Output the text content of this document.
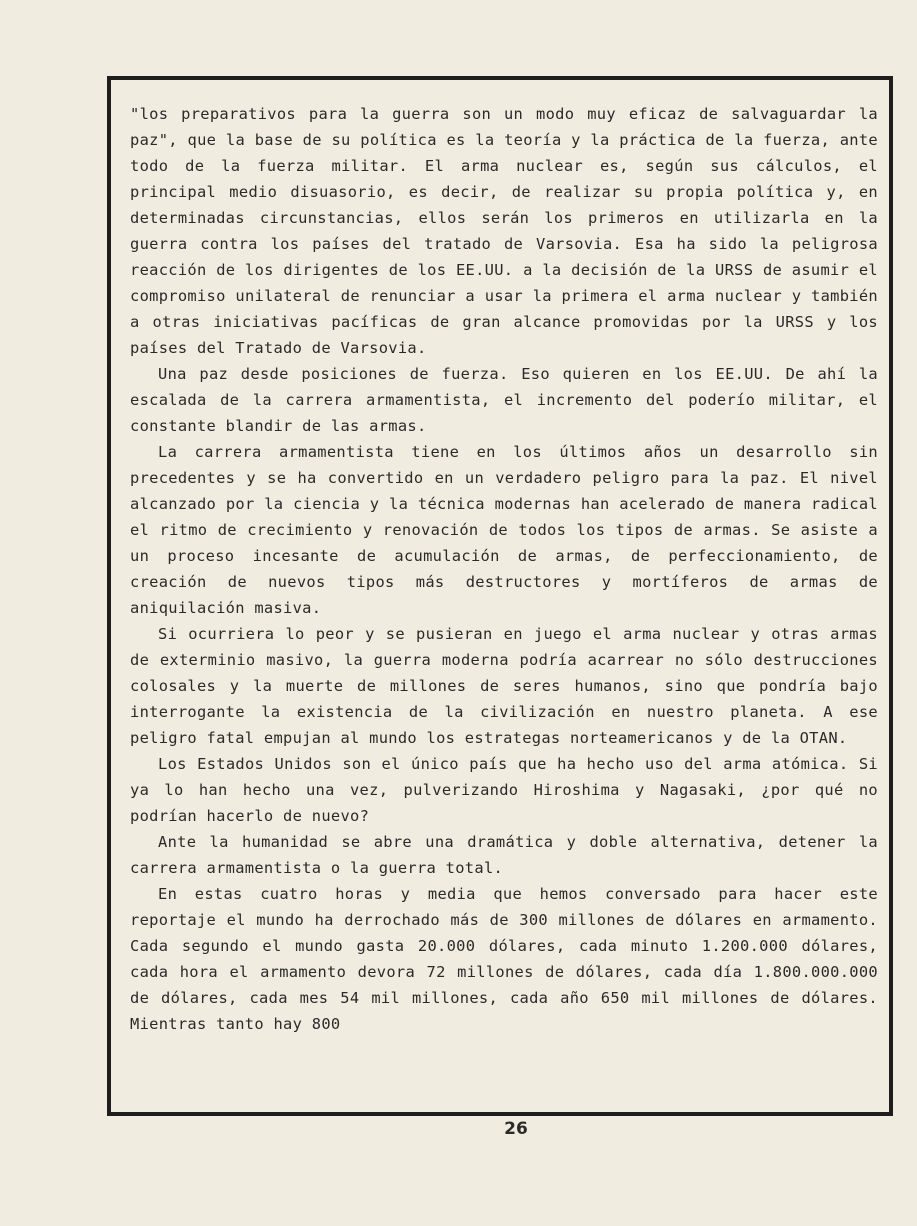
"los preparativos para la guerra son un modo muy eficaz de salvaguardar la paz", que la base de su política es la teoría y la práctica de la fuerza, ante todo de la fuerza militar. El arma nuclear es, según sus cálculos, el principal medio disuasorio, es decir, de realizar su propia política y, en determinadas circunstancias, ellos serán los primeros en utilizarla en la guerra contra los países del tratado de Varsovia. Esa ha sido la peligrosa reacción de los dirigentes de los EE.UU. a la decisión de la URSS de asumir el compromiso unilateral de renunciar a usar la primera el arma nuclear y también a otras iniciativas pacíficas de gran alcance promovidas por la URSS y los países del Tratado de Varsovia.

Una paz desde posiciones de fuerza. Eso quieren en los EE.UU. De ahí la escalada de la carrera armamentista, el incremento del poderío militar, el constante blandir de las armas.

La carrera armamentista tiene en los últimos años un desarrollo sin precedentes y se ha convertido en un verdadero peligro para la paz. El nivel alcanzado por la ciencia y la técnica modernas han acelerado de manera radical el ritmo de crecimiento y renovación de todos los tipos de armas. Se asiste a un proceso incesante de acumulación de armas, de perfeccionamiento, de creación de nuevos tipos más destructores y mortíferos de armas de aniquilación masiva.

Si ocurriera lo peor y se pusieran en juego el arma nuclear y otras armas de exterminio masivo, la guerra moderna podría acarrear no sólo destrucciones colosales y la muerte de millones de seres humanos, sino que pondría bajo interrogante la existencia de la civilización en nuestro planeta. A ese peligro fatal empujan al mundo los estrategas norteamericanos y de la OTAN.

Los Estados Unidos son el único país que ha hecho uso del arma atómica. Si ya lo han hecho una vez, pulverizando Hiroshima y Nagasaki, ¿por qué no podrían hacerlo de nuevo?

Ante la humanidad se abre una dramática y doble alternativa, detener la carrera armamentista o la guerra total.

En estas cuatro horas y media que hemos conversado para hacer este reportaje el mundo ha derrochado más de 300 millones de dólares en armamento. Cada segundo el mundo gasta 20.000 dólares, cada minuto 1.200.000 dólares, cada hora el armamento devora 72 millones de dólares, cada día 1.800.000.000 de dólares, cada mes 54 mil millones, cada año 650 mil millones de dólares. Mientras tanto hay 800

26
